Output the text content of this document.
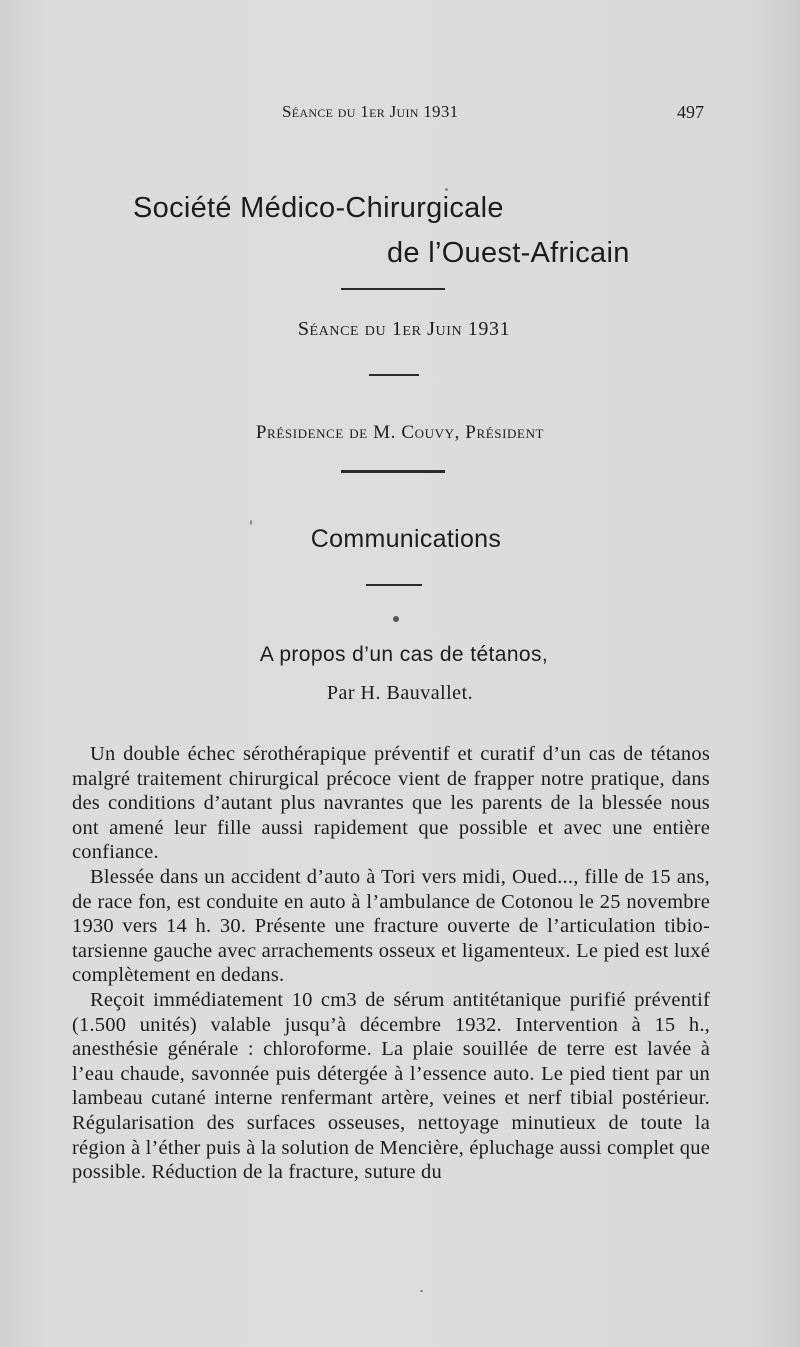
Séance du 1er Juin 1931	497
Société Médico-Chirurgicale
de l’Ouest-Africain
Séance du 1er Juin 1931
Présidence de M. Couvy, Président
Communications
A propos d’un cas de tétanos,
Par H. Bauvallet.

Un double échec sérothérapique préventif et curatif d’un cas de tétanos malgré traitement chirurgical précoce vient de frapper notre pratique, dans des conditions d’autant plus navrantes que les parents de la blessée nous ont amené leur fille aussi rapidement que possible et avec une entière confiance.

Blessée dans un accident d’auto à Tori vers midi, Oued..., fille de 15 ans, de race fon, est conduite en auto à l’ambulance de Cotonou le 25 novembre 1930 vers 14 h. 30. Présente une fracture ouverte de l’articulation tibio-tarsienne gauche avec arrachements osseux et ligamenteux. Le pied est luxé complètement en dedans.

Reçoit immédiatement 10 cm3 de sérum antitétanique purifié préventif (1.500 unités) valable jusqu’à décembre 1932. Intervention à 15 h., anesthésie générale : chloroforme. La plaie souillée de terre est lavée à l’eau chaude, savonnée puis détergée à l’essence auto. Le pied tient par un lambeau cutané interne renfermant artère, veines et nerf tibial postérieur. Régularisation des surfaces osseuses, nettoyage minutieux de toute la région à l’éther puis à la solution de Mencière, épluchage aussi complet que possible. Réduction de la fracture, suture du
